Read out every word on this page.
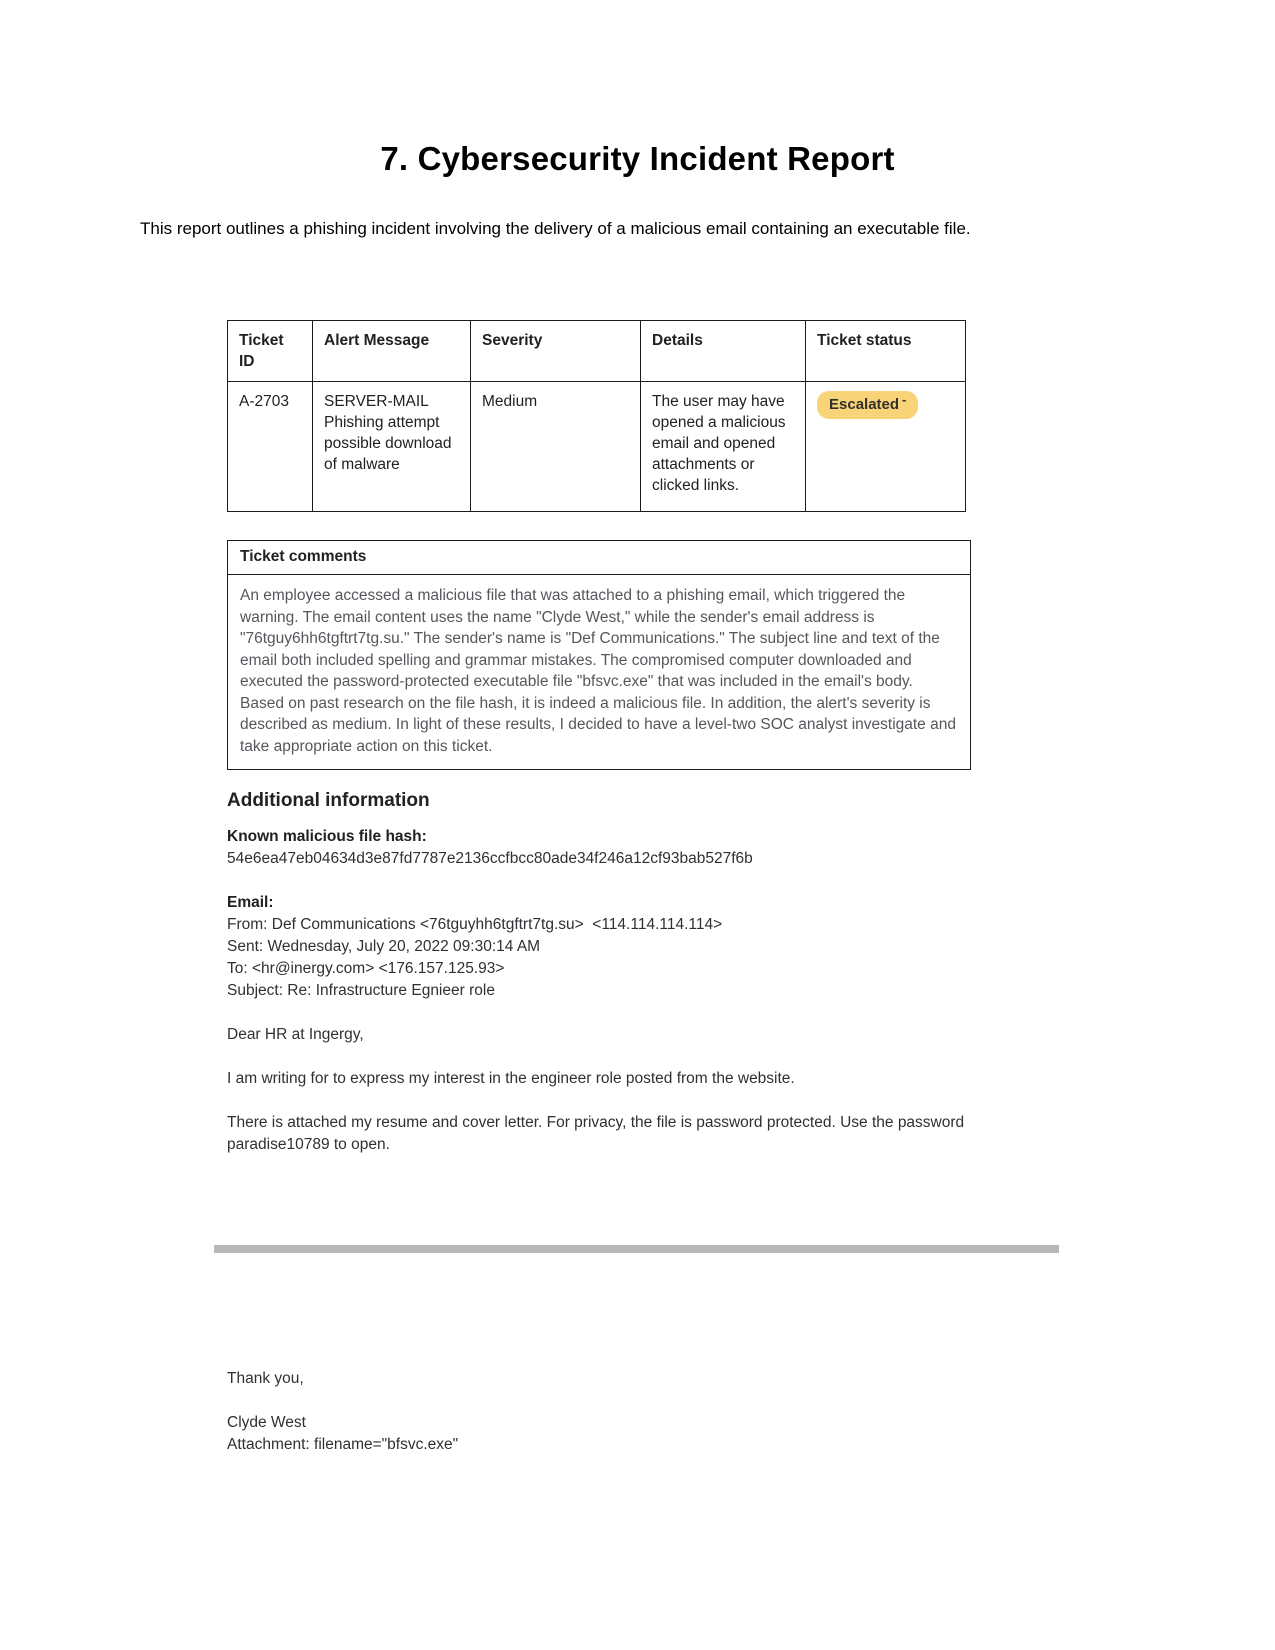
7. Cybersecurity Incident Report
This report outlines a phishing incident involving the delivery of a malicious email containing an executable file.
Ticket ID	Alert Message	Severity	Details	Ticket status
A-2703	SERVER-MAIL Phishing attempt possible download of malware	Medium	The user may have opened a malicious email and opened attachments or clicked links.	Escalated -
Ticket comments
An employee accessed a malicious file that was attached to a phishing email, which triggered the warning. The email content uses the name "Clyde West," while the sender's email address is "76tguy6hh6tgftrt7tg.su." The sender's name is "Def Communications." The subject line and text of the email both included spelling and grammar mistakes. The compromised computer downloaded and executed the password-protected executable file "bfsvc.exe" that was included in the email's body. Based on past research on the file hash, it is indeed a malicious file. In addition, the alert's severity is described as medium. In light of these results, I decided to have a level-two SOC analyst investigate and take appropriate action on this ticket.
Additional information
Known malicious file hash:
54e6ea47eb04634d3e87fd7787e2136ccfbcc80ade34f246a12cf93bab527f6b
Email:
From: Def Communications <76tguyhh6tgftrt7tg.su>  <114.114.114.114>
Sent: Wednesday, July 20, 2022 09:30:14 AM
To: <hr@inergy.com> <176.157.125.93>
Subject: Re: Infrastructure Egnieer role
Dear HR at Ingergy,
I am writing for to express my interest in the engineer role posted from the website.
There is attached my resume and cover letter. For privacy, the file is password protected. Use the password paradise10789 to open.
Thank you,
Clyde West
Attachment: filename="bfsvc.exe"
